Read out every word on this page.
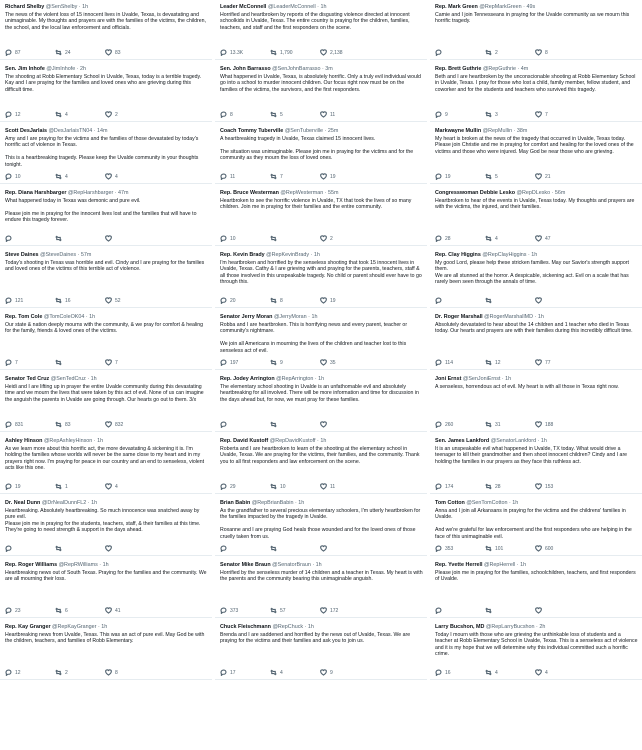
Richard Shelby @SenShelby · 1h
The news of the violent loss of 15 innocent lives in Uvalde, Texas, is devastating and unimaginable. My thoughts and prayers are with the families of the victims, the children, the school, and the local law enforcement and officials.
87	24	83
Sen. Jim Inhofe @JimInhofe · 2h
The shooting at Robb Elementary School in Uvalde, Texas, today is a terrible tragedy. Kay and I are praying for the families and loved ones who are grieving during this difficult time.
12	4	2
Scott DesJarlais @DesJarlaisTN04 · 14m
Amy and I are praying for the victims and the families of those devastated by today's horrific act of violence in Texas.

This is a heartbreaking tragedy. Please keep the Uvalde community in your thoughts tonight.
10	4	4
Rep. Diana Harshbarger @RepHarshbarger · 47m
What happened today in Texas was demonic and pure evil.

Please join me in praying for the innocent lives lost and the families that will have to endure this tragedy forever.
Steve Daines @SteveDaines · 57m
Today's shooting in Texas was horrible and evil. Cindy and I are praying for the families and loved ones of the victims of this terrible act of violence.
121	16	52
Rep. Tom Cole @TomColeOK04 · 1h
Our state & nation deeply mourns with the community, & we pray for comfort & healing for the family, friends & loved ones of the victims.
7	7
Senator Ted Cruz @SenTedCruz · 1h
Heidi and I are lifting up in prayer the entire Uvalde community during this devastating time and we mourn the lives that were taken by this act of evil. None of us can imagine the anguish the parents in Uvalde are going through. Our hearts go out to them. 3/x
831	83	832
Ashley Hinson @RepAshleyHinson · 1h
As we learn more about this horrific act, the more devastating & sickening it is. I'm holding the families whose worlds will never be the same close to my heart and in my prayers right now. I'm praying for peace in our country and an end to senseless, violent acts like this one.
19	1	4
Dr. Neal Dunn @DrNealDunnFL2 · 1h
Heartbreaking. Absolutely heartbreaking. So much innocence was snatched away by pure evil.
Please join me in praying for the students, teachers, staff, & their families at this time. They're going to need strength & support in the days ahead.
Rep. Roger Williams @RepRWilliams · 1h
Heartbreaking news out of South Texas. Praying for the families and the community. We are all mourning their loss.
23	6	41
Rep. Kay Granger @RepKayGranger · 1h
Heartbreaking news from Uvalde, Texas. This was an act of pure evil. May God be with the children, teachers, and families of Robb Elementary.
12	2	8
Leader McConnell @LeaderMcConnell · 1h
Horrified and heartbroken by reports of the disgusting violence directed at innocent schoolkids in Uvalde, Texas. The entire country is praying for the children, families, teachers, and staff and the first responders on the scene.
13.3K	1,790	2,138
Sen. John Barrasso @SenJohnBarrasso · 3m
What happened in Uvalde, Texas, is absolutely horrific. Only a truly evil individual would go into a school to murder innocent children. Our focus right now must be on the families of the victims, the survivors, and the first responders.
8	5	11
Coach Tommy Tuberville @SenTuberville · 25m
A heartbreaking tragedy in Uvalde, Texas claimed 15 innocent lives.

The situation was unimaginable. Please join me in praying for the victims and for the community as they mourn the loss of loved ones.
11	7	19
Rep. Bruce Westerman @RepWesterman · 55m
Heartbroken to see the horrific violence in Uvalde, TX that took the lives of so many children. Join me in praying for their families and the entire community.
10	2
Rep. Kevin Brady @RepKevinBrady · 1h
I'm heartbroken and horrified by the senseless shooting that took 15 innocent lives in Uvalde, Texas. Cathy & I are grieving with and praying for the parents, teachers, staff & all those involved in this unspeakable tragedy. No child or parent should ever have to go through this.
20	8	19
Senator Jerry Moran @JerryMoran · 1h
Robba and I are heartbroken. This is horrifying news and every parent, teacher or community's nightmare.

We join all Americans in mourning the lives of the children and teacher lost to this senseless act of evil.
197	9	35
Rep. Jodey Arrington @RepArrington · 1h
The elementary school shooting in Uvalde is an unfathomable evil and absolutely heartbreaking for all involved. There will be more information and time for discussion in the days ahead but, for now, we must pray for these families.
Rep. David Kustoff @RepDavidKustoff · 1h
Roberta and I are heartbroken to learn of the shooting at the elementary school in Uvalde, Texas. We are praying for the victims, their families, and the community. Thank you to all first responders and law enforcement on the scene.
29	10	11
Brian Babin @RepBrianBabin · 1h
As the grandfather to several precious elementary schoolers, I'm utterly heartbroken for the families impacted by the tragedy in Uvalde.

Roxanne and I are praying God heals those wounded and for the loved ones of those cruelly taken from us.
Senator Mike Braun @SenatorBraun · 1h
Horrified by the senseless murder of 14 children and a teacher in Texas. My heart is with the parents and the community bearing this unimaginable anguish.
373	57	172
Chuck Fleischmann @RepChuck · 1h
Brenda and I are saddened and horrified by the news out of Uvalde, Texas. We are praying for the victims and their families and ask you to join us.
17	4	9
Rep. Mark Green @RepMarkGreen · 49s
Camie and I join Tennesseans in praying for the Uvalde community as we mourn this horrific tragedy.
2	8
Rep. Brett Guthrie @RepGuthrie · 4m
Beth and I are heartbroken by the unconscionable shooting at Robb Elementary School in Uvalde, Texas. I pray for those who lost a child, family member, fellow student, and coworker and for the students and teachers who survived this tragedy.
9	3	7
Markwayne Mullin @RepMullin · 38m
My heart is broken at the news of the tragedy that occurred in Uvalde, Texas today. Please join Christie and me in praying for comfort and healing for the loved ones of the victims and those who were injured. May God be near those who are grieving.
19	5	21
Congresswoman Debbie Lesko @RepDLesko · 56m
Heartbroken to hear of the events in Uvalde, Texas today. My thoughts and prayers are with the victims, the injured, and their families.
28	4	47
Rep. Clay Higgins @RepClayHiggins · 1h
My good Lord, please help these stricken families. May our Savior's strength support them.
We are all stunned at the horror. A despicable, sickening act. Evil on a scale that has rarely been seen through the annals of time.
Dr. Roger Marshall @RogerMarshallMD · 1h
Absolutely devastated to hear about the 14 children and 1 teacher who died in Texas today. Our hearts and prayers are with their families during this incredibly difficult time.
114	12	77
Joni Ernst @SenJoniErnst · 1h
A senseless, horrendous act of evil. My heart is with all those in Texas right now.
260	31	188
Sen. James Lankford @SenatorLankford · 1h
It is an unspeakable evil what happened in Uvalde, TX today. What would drive a teenager to kill their grandmother and then shoot innocent children? Cindy and I are holding the families in our prayers as they face this ruthless act.
174	28	153
Tom Cotton @SenTomCotton · 1h
Anna and I join all Arkansans in praying for the victims and the childrens' families in Uvalde.

And we're grateful for law enforcement and the first responders who are helping in the face of this unimaginable evil.
353	101	600
Rep. Yvette Herrell @RepHerrell · 1h
Please join me in praying for the families, schoolchildren, teachers, and first responders of Uvalde.
Larry Bucshon, MD @RepLarryBucshon · 2h
Today I mourn with those who are grieving the unthinkable loss of students and a teacher at Robb Elementary School in Uvalde, Texas. This is a senseless act of violence and it is my hope that we will determine why this individual committed such a horrific crime.
16	4	4
